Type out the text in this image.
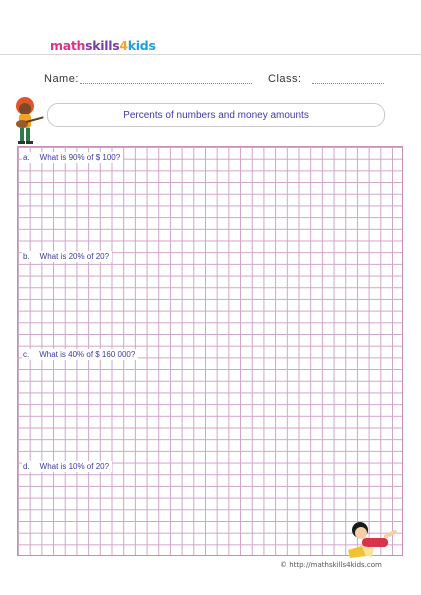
mathskills4kids
Name:	Class:
Percents of numbers and money amounts
a. What is 90% of $ 100?
b. What is 20% of 20?
c. What is 40% of $ 160 000?
d. What is 10% of 20?
© http://mathskills4kids.com
